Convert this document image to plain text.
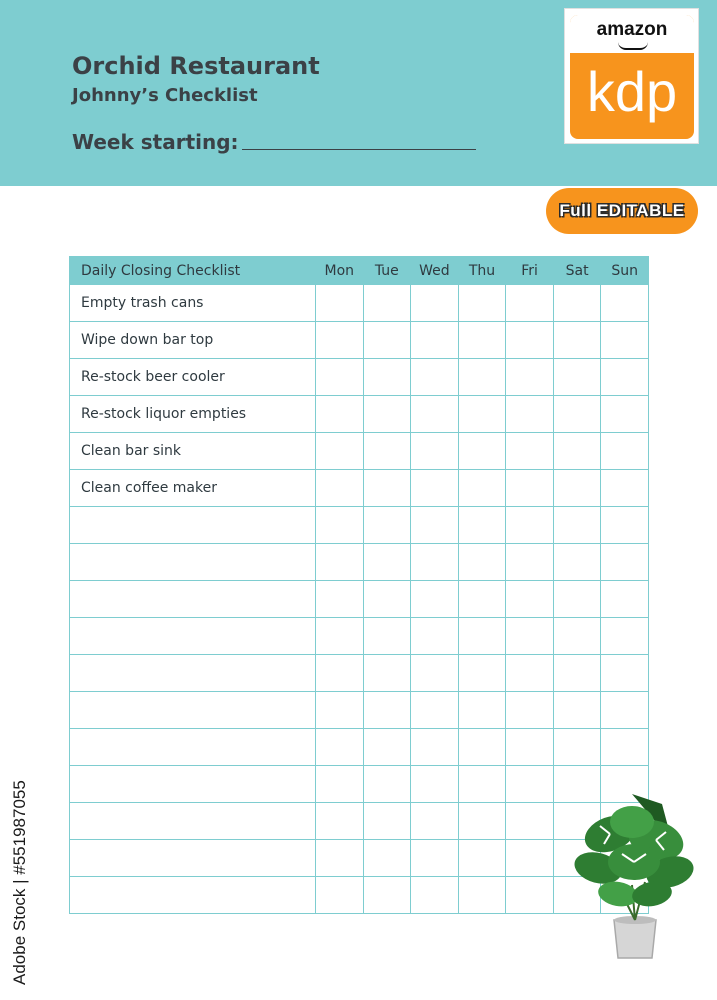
Orchid Restaurant
Johnny’s Checklist
Week starting:
amazon
kdp
Full EDITABLE
Daily Closing Checklist	Mon	Tue	Wed	Thu	Fri	Sat	Sun
Empty trash cans							
Wipe down bar top							
Re-stock beer cooler							
Re-stock liquor empties							
Clean bar sink							
Clean coffee maker							

Adobe Stock | #551987055
